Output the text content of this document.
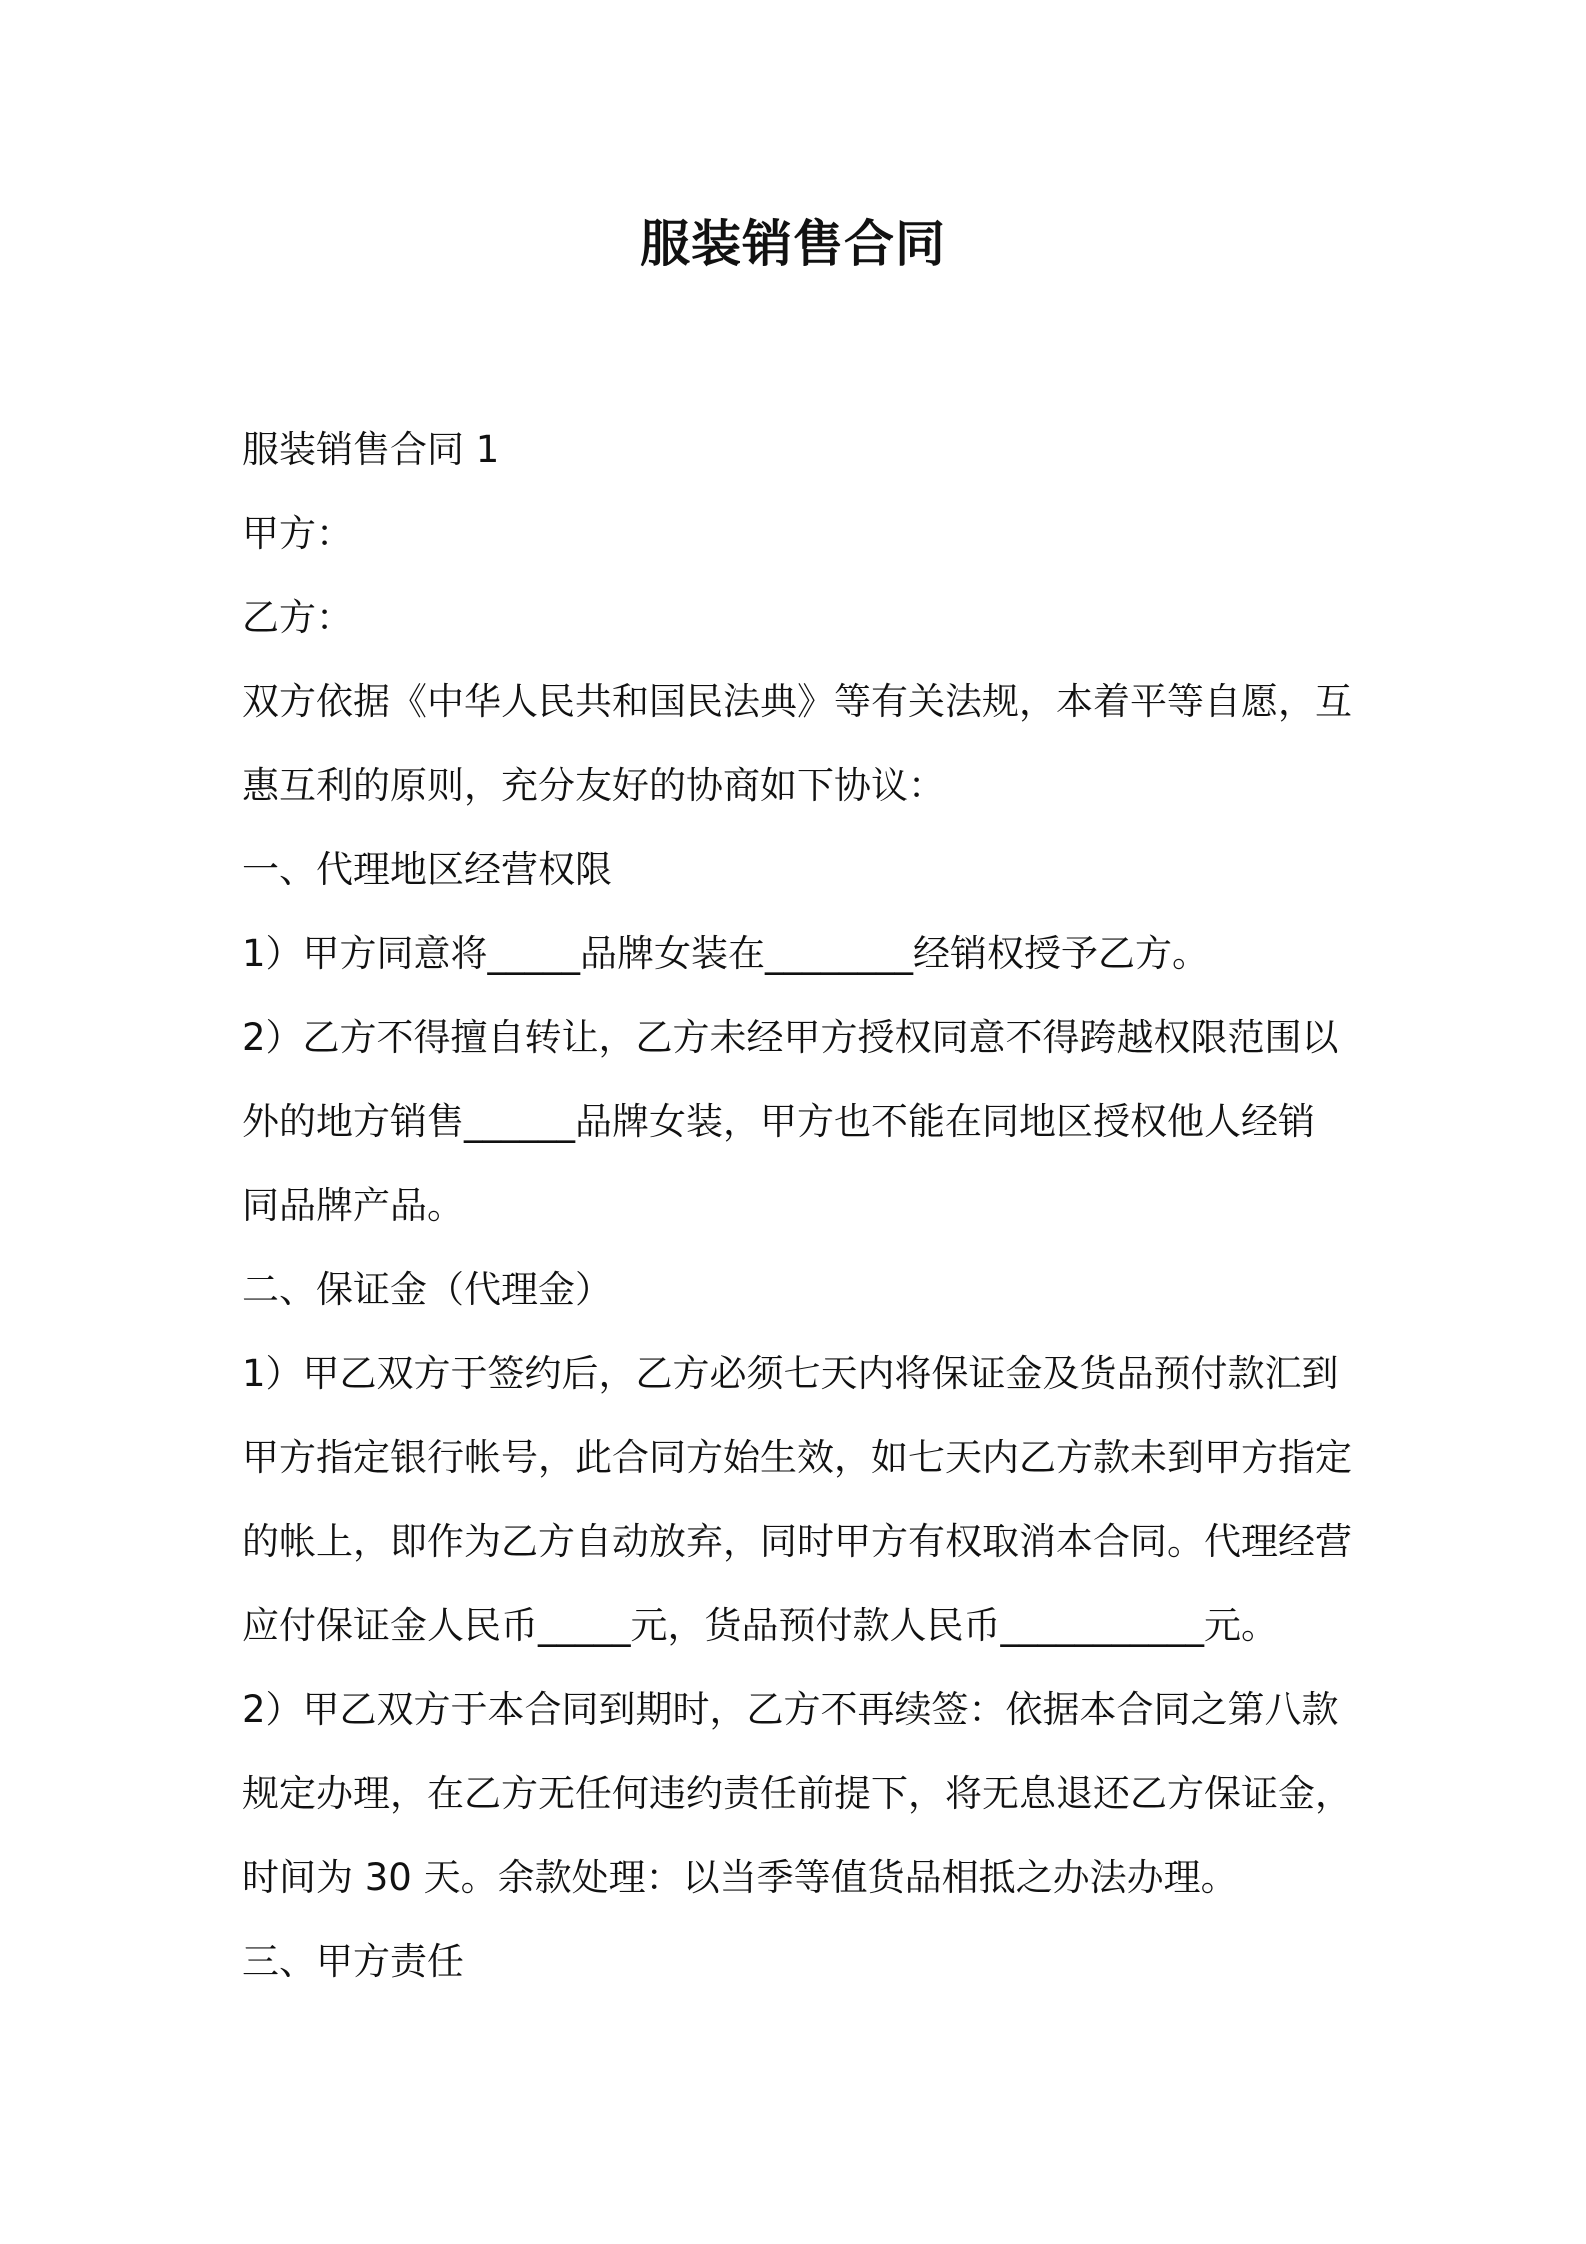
服装销售合同
服装销售合同 1
甲方：
乙方：
双方依据《中华人民共和国民法典》等有关法规，本着平等自愿，互
惠互利的原则，充分友好的协商如下协议：
一、代理地区经营权限
1）甲方同意将_____品牌女装在________经销权授予乙方。
2）乙方不得擅自转让，乙方未经甲方授权同意不得跨越权限范围以
外的地方销售______品牌女装，甲方也不能在同地区授权他人经销
同品牌产品。
二、保证金（代理金）
1）甲乙双方于签约后，乙方必须七天内将保证金及货品预付款汇到
甲方指定银行帐号，此合同方始生效，如七天内乙方款未到甲方指定
的帐上，即作为乙方自动放弃，同时甲方有权取消本合同。代理经营
应付保证金人民币_____元，货品预付款人民币___________元。
2）甲乙双方于本合同到期时，乙方不再续签：依据本合同之第八款
规定办理，在乙方无任何违约责任前提下，将无息退还乙方保证金，
时间为 30 天。余款处理：以当季等值货品相抵之办法办理。
三、甲方责任
